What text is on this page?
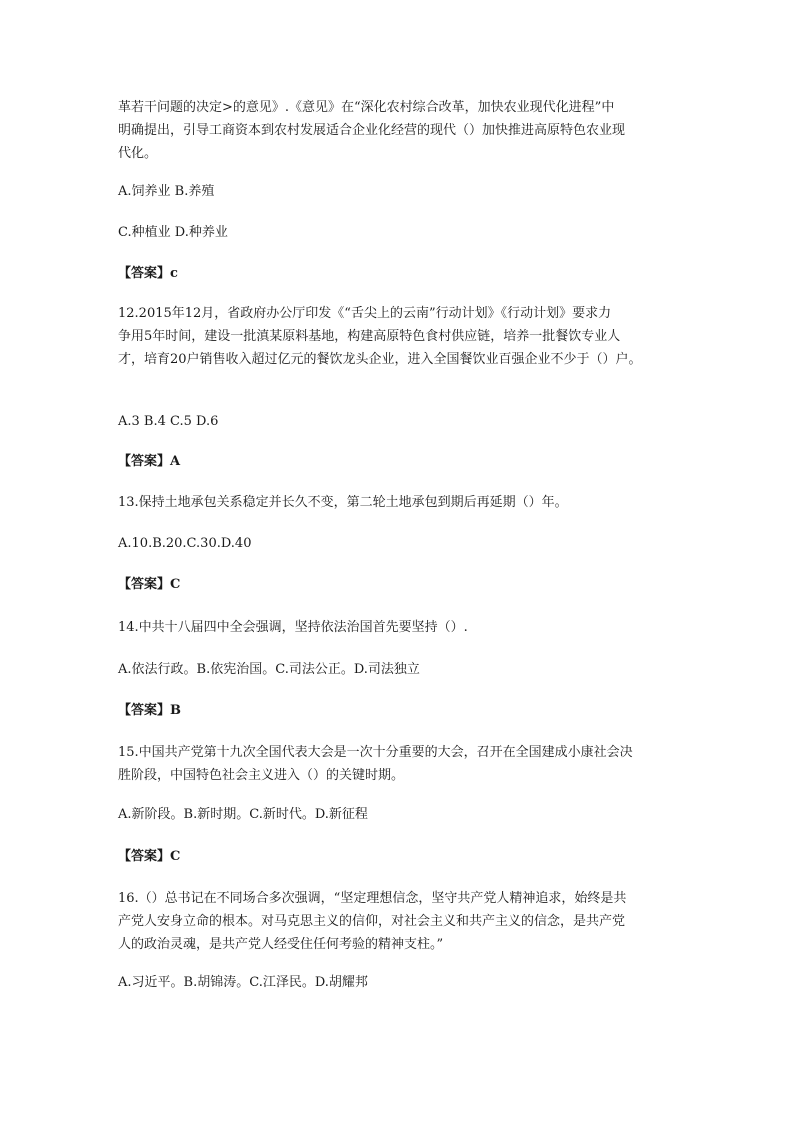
革若干问题的决定>的意见》.《意见》在“深化农村综合改革，加快农业现代化进程”中
明确提出，引导工商资本到农村发展适合企业化经营的现代（）加快推进高原特色农业现
代化。

A.饲养业 B.养殖

C.种植业 D.种养业

【答案】c

12.2015年12月，省政府办公厅印发《“舌尖上的云南”行动计划》《行动计划》要求力
争用5年时间，建设一批滇某原料基地，构建高原特色食村供应链，培养一批餐饮专业人
才，培育20户销售收入超过亿元的餐饮龙头企业，进入全国餐饮业百强企业不少于（）户。

A.3 B.4 C.5 D.6

【答案】A

13.保持土地承包关系稳定并长久不变，第二轮土地承包到期后再延期（）年。

A.10.B.20.C.30.D.40

【答案】C

14.中共十八届四中全会强调，坚持依法治国首先要坚持（）.

A.依法行政。B.依宪治国。C.司法公正。D.司法独立

【答案】B

15.中国共产党第十九次全国代表大会是一次十分重要的大会，召开在全国建成小康社会决
胜阶段，中国特色社会主义进入（）的关键时期。

A.新阶段。B.新时期。C.新时代。D.新征程

【答案】C

16.（）总书记在不同场合多次强调，“坚定理想信念，坚守共产党人精神追求，始终是共
产党人安身立命的根本。对马克思主义的信仰，对社会主义和共产主义的信念，是共产党
人的政治灵魂，是共产党人经受住任何考验的精神支柱。”

A.习近平。B.胡锦涛。C.江泽民。D.胡耀邦
